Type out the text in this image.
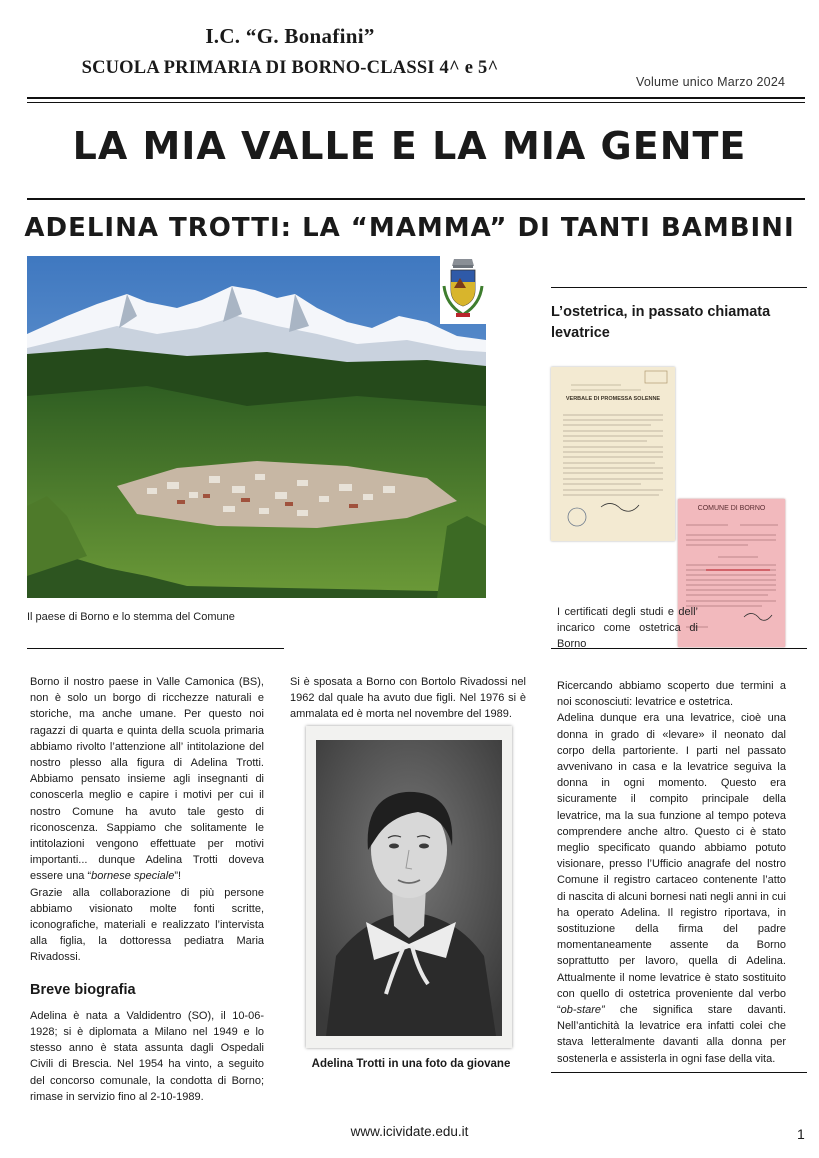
I.C. “G. Bonafini”
SCUOLA PRIMARIA DI BORNO-CLASSI 4^ e 5^
Volume unico Marzo 2024
LA MIA VALLE E LA MIA GENTE
ADELINA TROTTI: LA “MAMMA” DI TANTI BAMBINI
Il paese di Borno e lo stemma del Comune
L’ostetrica, in passato chiamata levatrice
VERBALE DI PROMESSA SOLENNE
COMUNE DI BORNO
I certificati degli studi e dell’ incarico come ostetrica di Borno

Borno il nostro paese in Valle Camonica (BS), non è solo un borgo di ricchezze naturali e storiche, ma anche umane. Per questo noi ragazzi di quarta e quinta della scuola primaria abbiamo rivolto l’attenzione all’ intitolazione del nostro plesso alla figura di Adelina Trotti. Abbiamo pensato insieme agli insegnanti di conoscerla meglio e capire i motivi per cui il nostro Comune ha avuto tale gesto di riconoscenza. Sappiamo che solitamente le intitolazioni vengono effettuate per motivi importanti... dunque Adelina Trotti doveva essere una “bornese speciale”!

Grazie alla collaborazione di più persone abbiamo visionato molte fonti scritte, iconografiche, materiali e realizzato l’intervista alla figlia, la dottoressa pediatra Maria Rivadossi.

Breve biografia

Adelina è nata a Valdidentro (SO), il 10-06-1928; si è diplomata a Milano nel 1949 e lo stesso anno è stata assunta dagli Ospedali Civili di Brescia. Nel 1954 ha vinto, a seguito del concorso comunale, la condotta di Borno; rimase in servizio fino al 2-10-1989.

Si è sposata a Borno con Bortolo Rivadossi nel 1962 dal quale ha avuto due figli. Nel 1976 si è ammalata ed è morta nel novembre del 1989.
Adelina Trotti in una foto da giovane

Ricercando abbiamo scoperto due termini a noi sconosciuti: levatrice e ostetrica.

Adelina dunque era una levatrice, cioè una donna in grado di «levare» il neonato dal corpo della partoriente. I parti nel passato avvenivano in casa e la levatrice seguiva la donna in ogni momento. Questo era sicuramente il compito principale della levatrice, ma la sua funzione al tempo poteva comprendere anche altro. Questo ci è stato meglio specificato quando abbiamo potuto visionare, presso l’Ufficio anagrafe del nostro Comune il registro cartaceo contenente l’atto di nascita di alcuni bornesi nati negli anni in cui ha operato Adelina. Il registro riportava, in sostituzione della firma del padre momentaneamente assente da Borno soprattutto per lavoro, quella di Adelina. Attualmente il nome levatrice è stato sostituito con quello di ostetrica proveniente dal verbo “ob-stare” che significa stare davanti. Nell’antichità la levatrice era infatti colei che stava letteralmente davanti alla donna per sostenerla e assisterla in ogni fase della vita.

www.icividate.edu.it	1
